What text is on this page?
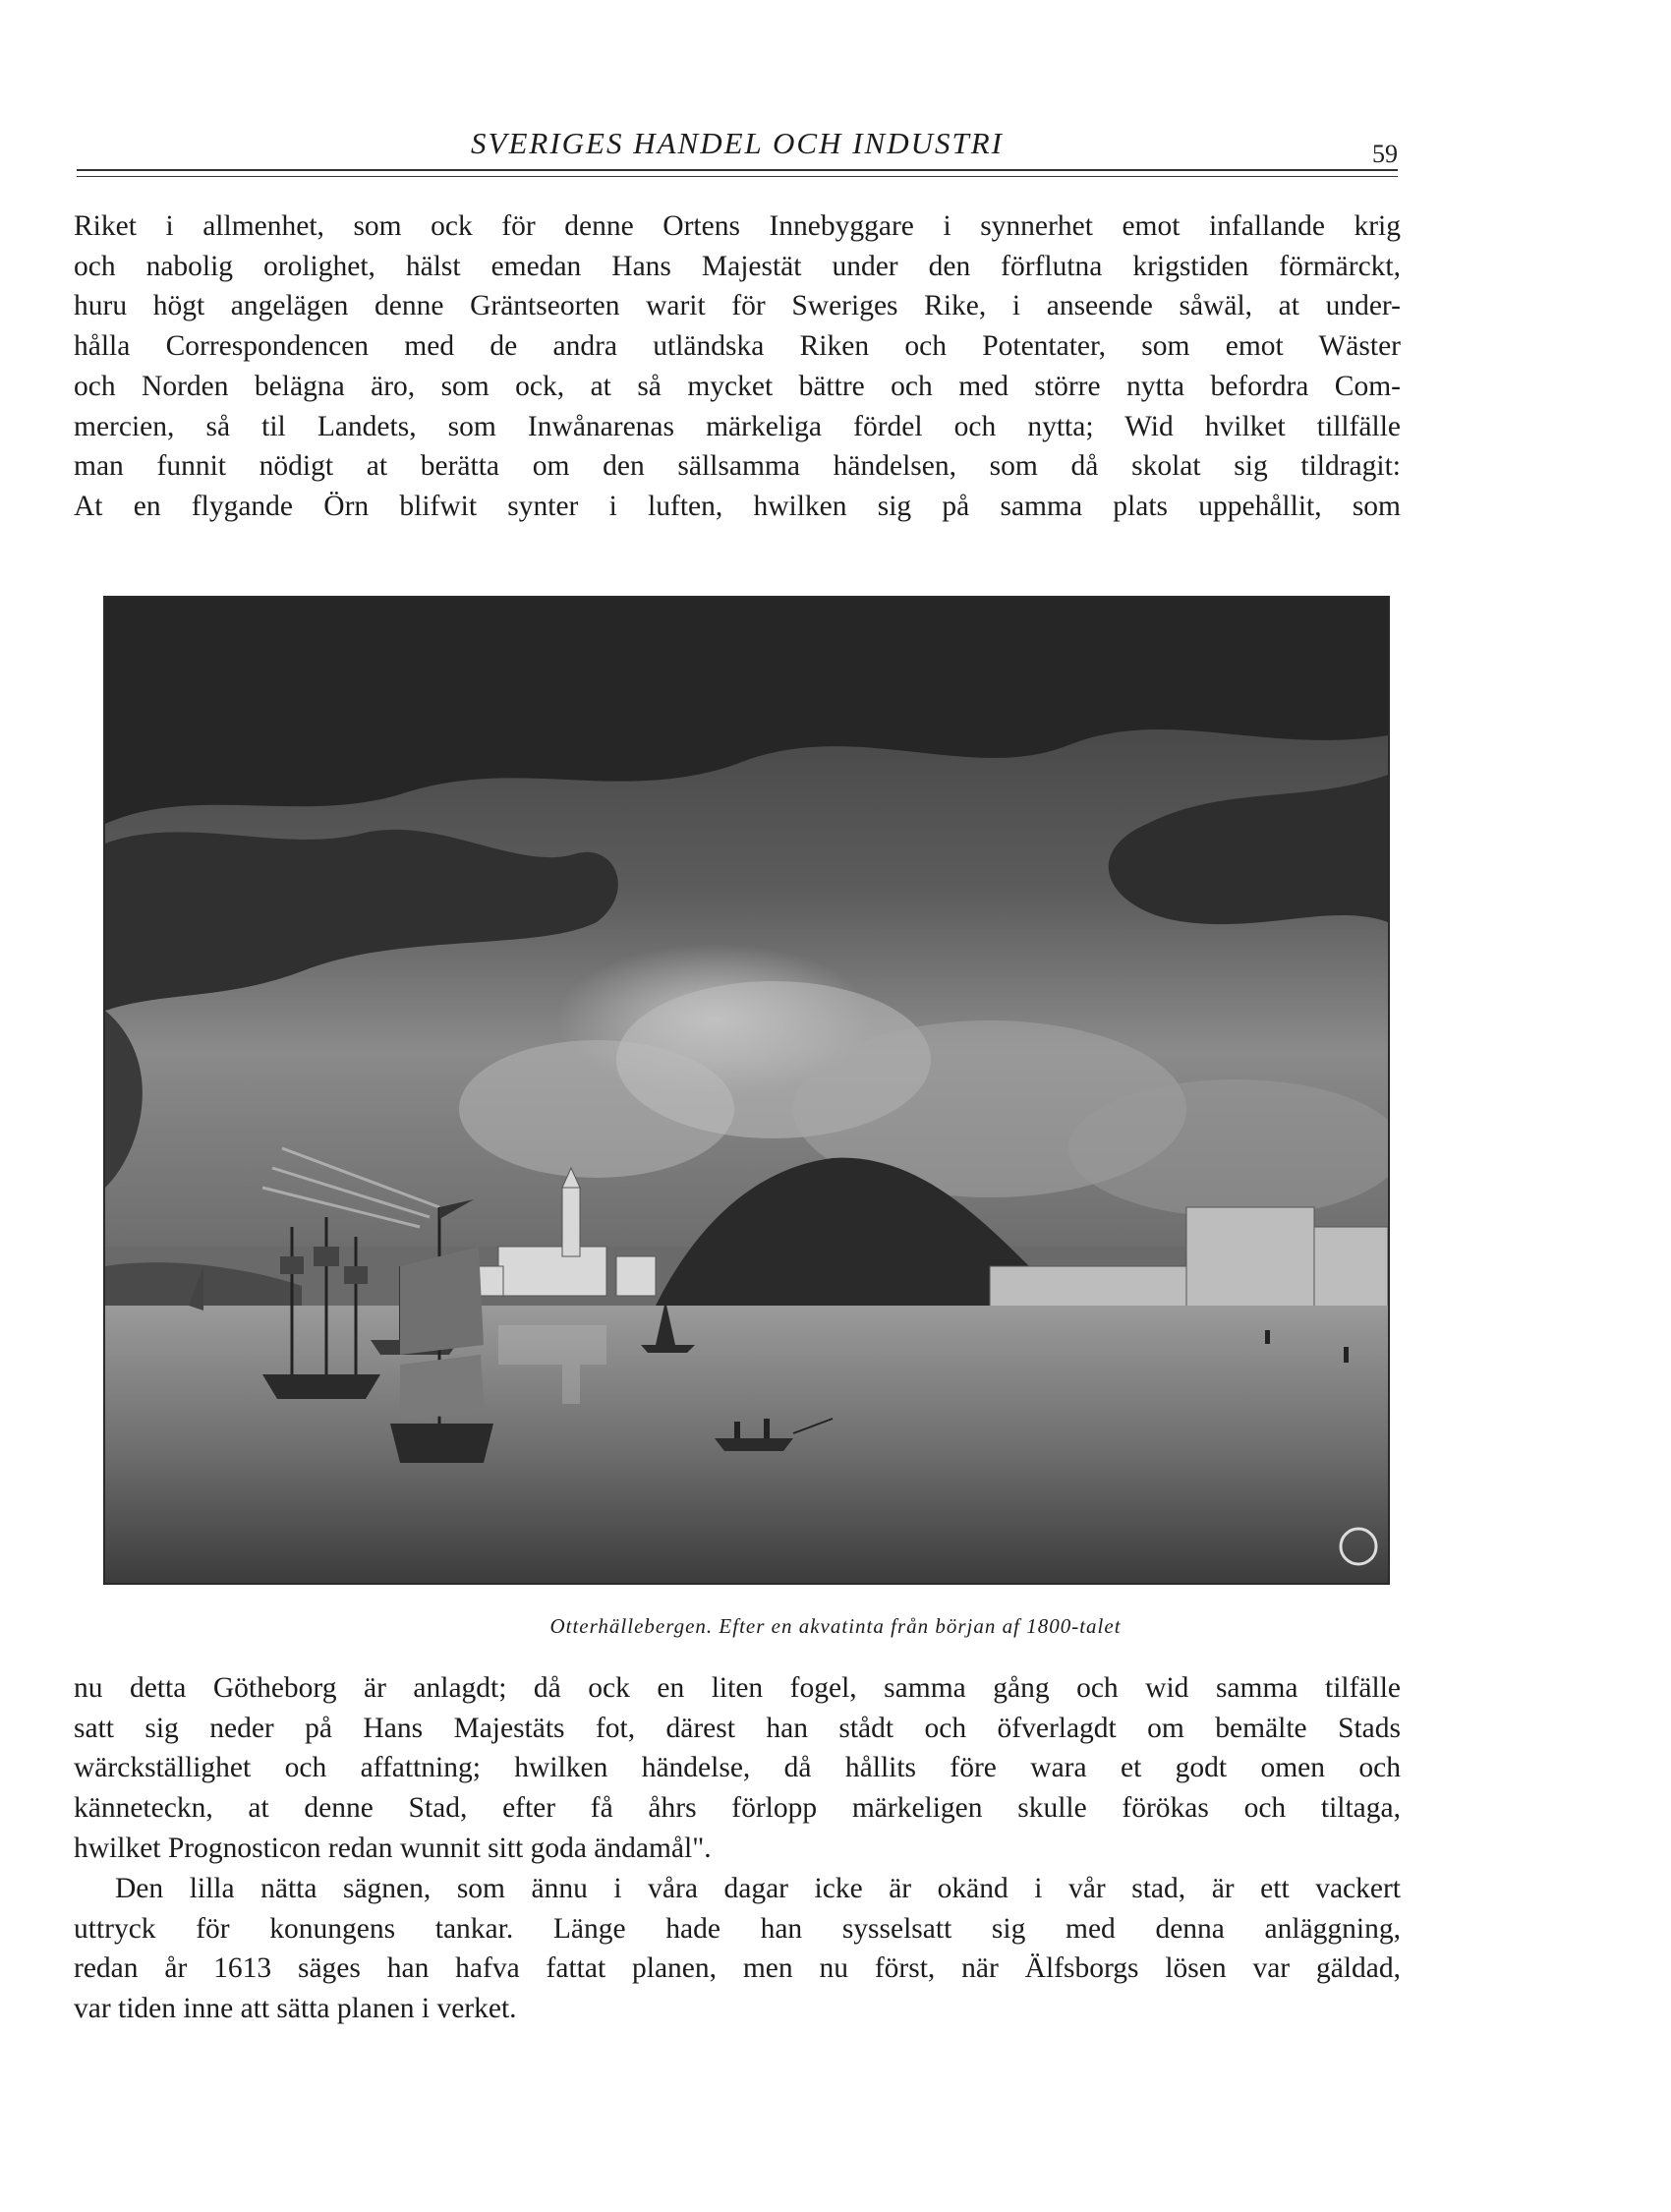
SVERIGES HANDEL OCH INDUSTRI	59
Riket i allmenhet, som ock för denne Ortens Innebyggare i synnerhet emot infallande krig
och nabolig orolighet, hälst emedan Hans Majestät under den förflutna krigstiden förmärckt,
huru högt angelägen denne Gräntseorten warit för Sweriges Rike, i anseende såwäl, at under-
hålla Correspondencen med de andra utländska Riken och Potentater, som emot Wäster
och Norden belägna äro, som ock, at så mycket bättre och med större nytta befordra Com-
mercien, så til Landets, som Inwånarenas märkeliga fördel och nytta; Wid hvilket tillfälle
man funnit nödigt at berätta om den sällsamma händelsen, som då skolat sig tildragit:
At en flygande Örn blifwit synter i luften, hwilken sig på samma plats uppehållit, som
Otterhällebergen. Efter en akvatinta från början af 1800-talet
nu detta Götheborg är anlagdt; då ock en liten fogel, samma gång och wid samma tilfälle
satt sig neder på Hans Majestäts fot, därest han stådt och öfverlagdt om bemälte Stads
wärckställighet och affattning; hwilken händelse, då hållits före wara et godt omen och
känneteckn, at denne Stad, efter få åhrs förlopp märkeligen skulle förökas och tiltaga,
hwilket Prognosticon redan wunnit sitt goda ändamål".
Den lilla nätta sägnen, som ännu i våra dagar icke är okänd i vår stad, är ett vackert
uttryck för konungens tankar. Länge hade han sysselsatt sig med denna anläggning,
redan år 1613 säges han hafva fattat planen, men nu först, när Älfsborgs lösen var gäldad,
var tiden inne att sätta planen i verket.
